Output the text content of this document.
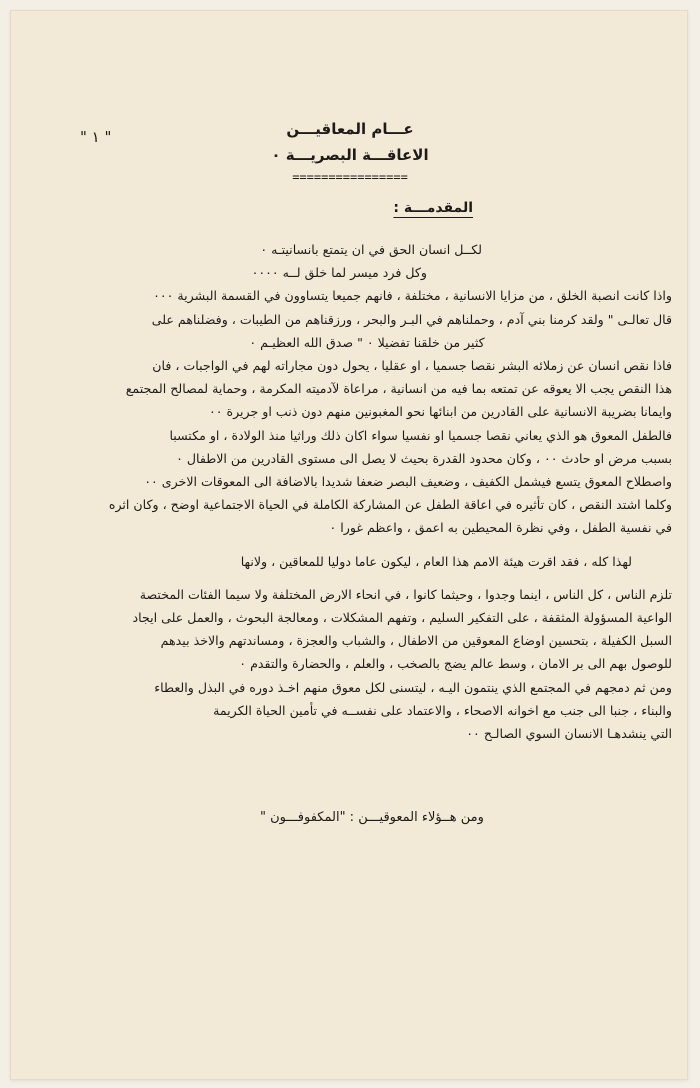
" ١ "	عـــام المعاقيـــن
الاعاقـــة البصريـــة ٠
================
المقدمـــة :
لكــل انسان الحق في ان يتمتع بانسانيتـه ٠
وكل فرد ميسر لما خلق لــه ٠٠٠٠
واذا كانت انصبة الخلق ، من مزايا الانسانية ، مختلفة ، فانهم جميعا يتساوون في القسمة البشرية ٠٠٠
قال تعالـى " ولقد كرمنا بني آدم ، وحملناهم في البـر والبحر ، ورزقناهم من الطيبات ، وفضلناهم على
كثير من خلقنا تفضيلا ٠ " صدق الله العظيـم ٠
فاذا نقص انسان عن زملائه البشر نقصا جسميا ، او عقليا ، يحول دون مجاراته لهم في الواجبات ، فان
هذا النقص يجب الا يعوقه عن تمتعه بما فيه من انسانية ، مراعاة لآدميته المكرمة ، وحماية لمصالح المجتمع
وايمانا بضريبة الانسانية على القادرين من ابنائها نحو المغبونين منهم دون ذنب او جريرة ٠٠
فالطفل المعوق هو الذي يعاني نقصا جسميا او نفسيا سواء اكان ذلك وراثيا منذ الولادة ، او مكتسبا
بسبب مرض او حادث ٠٠ ، وكان محدود القدرة بحيث لا يصل الى مستوى القادرين من الاطفال ٠
واصطلاح المعوق يتسع فيشمل الكفيف ، وضعيف البصر ضعفا شديدا بالاضافة الى المعوقات الاخرى ٠٠
وكلما اشتد النقص ، كان تأثيره في اعاقة الطفل عن المشاركة الكاملة في الحياة الاجتماعية اوضح ، وكان اثره
في نفسية الطفل ، وفي نظرة المحيطين به اعمق ، واعظم غورا ٠
لهذا كله ، فقد اقرت هيئة الامم هذا العام ، ليكون عاما دوليا للمعاقين ، ولانها
تلزم الناس ، كل الناس ، اينما وجدوا ، وحيثما كانوا ، في انحاء الارض المختلفة ولا سيما الفئات المختصة
الواعية المسؤولة المثقفة ، على التفكير السليم ، وتفهم المشكلات ، ومعالجة البحوث ، والعمل على ايجاد
السبل الكفيلة ، بتحسين اوضاع المعوقين من الاطفال ، والشباب والعجزة ، ومساندتهم والاخذ بيدهم
للوصول بهم الى بر الامان ، وسط عالم يضج بالصخب ، والعلم ، والحضارة والتقدم ٠
ومن ثم دمجهم في المجتمع الذي ينتمون اليـه ، ليتسنى لكل معوق منهم اخـذ دوره في البذل والعطاء
والبناء ، جنبا الى جنب مع اخوانه الاصحاء ، والاعتماد على نفســه في تأمين الحياة الكريمة
التي ينشدهـا الانسان السوي الصالـح ٠٠
ومن هــؤلاء المعوقيـــن : "المكفوفـــون "
